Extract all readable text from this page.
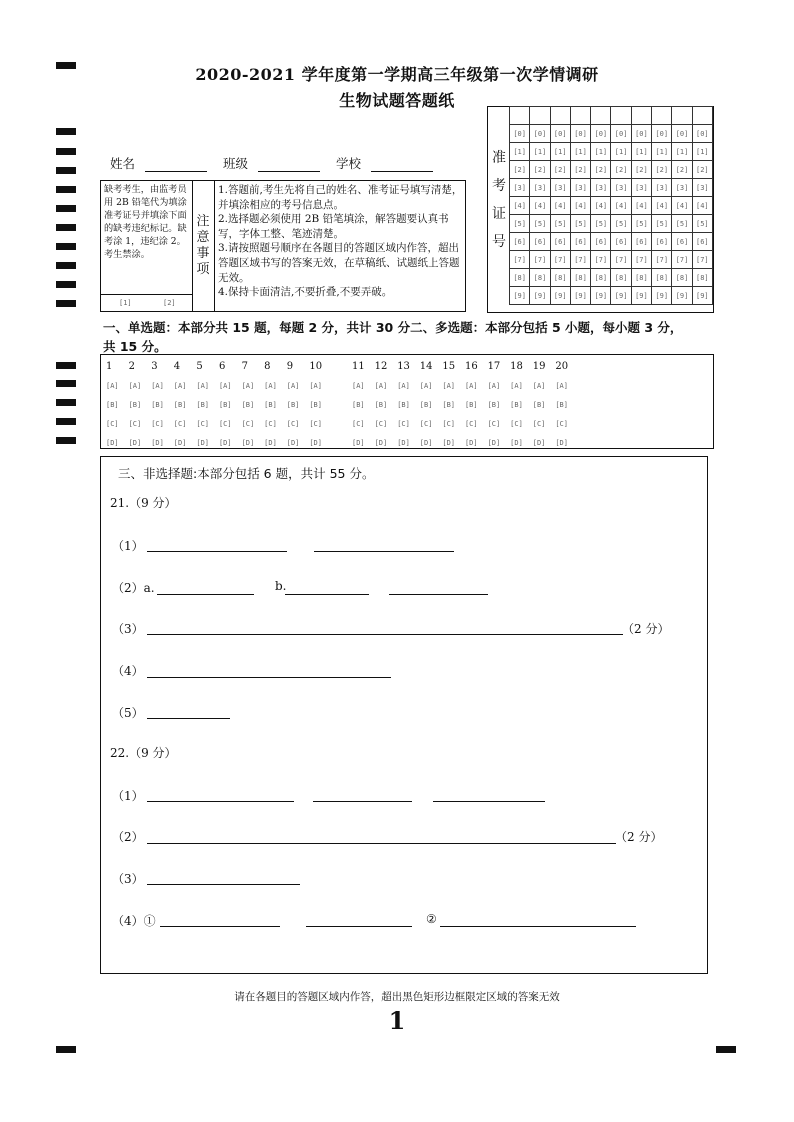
2020-2021 学年度第一学期高三年级第一次学情调研
生物试题答题纸
姓名	班级	学校
缺考考生，由监考员用 2B 铅笔代为填涂准考证号并填涂下面的缺考违纪标记。缺考涂 1，违纪涂 2。考生禁涂。
[1]	[2]
注
意
事
项
1.答题前,考生先将自己的姓名、准考证号填写清楚，并填涂相应的考号信息点。
2.选择题必须使用 2B 铅笔填涂，解答题要认真书写，字体工整、笔迹清楚。
3.请按照题号顺序在各题目的答题区域内作答，超出答题区域书写的答案无效，在草稿纸、试题纸上答题无效。
4.保持卡面清洁,不要折叠,不要弄破。
准
考
证
号

[0]	[0]	[0]	[0]	[0]	[0]	[0]	[0]	[0]	[0]
[1]	[1]	[1]	[1]	[1]	[1]	[1]	[1]	[1]	[1]
[2]	[2]	[2]	[2]	[2]	[2]	[2]	[2]	[2]	[2]
[3]	[3]	[3]	[3]	[3]	[3]	[3]	[3]	[3]	[3]
[4]	[4]	[4]	[4]	[4]	[4]	[4]	[4]	[4]	[4]
[5]	[5]	[5]	[5]	[5]	[5]	[5]	[5]	[5]	[5]
[6]	[6]	[6]	[6]	[6]	[6]	[6]	[6]	[6]	[6]
[7]	[7]	[7]	[7]	[7]	[7]	[7]	[7]	[7]	[7]
[8]	[8]	[8]	[8]	[8]	[8]	[8]	[8]	[8]	[8]
[9]	[9]	[9]	[9]	[9]	[9]	[9]	[9]	[9]	[9]
一、单选题：本部分共 15 题，每题 2 分，共计 30 分二、多选题：本部分包括 5 小题，每小题 3 分，
共 15 分。
1	2	3	4	5	6	7	8	9	10
[A]	[A]	[A]	[A]	[A]	[A]	[A]	[A]	[A]	[A]
[B]	[B]	[B]	[B]	[B]	[B]	[B]	[B]	[B]	[B]
[C]	[C]	[C]	[C]	[C]	[C]	[C]	[C]	[C]	[C]
[D]	[D]	[D]	[D]	[D]	[D]	[D]	[D]	[D]	[D]
11	12	13	14	15	16	17	18	19	20
[A]	[A]	[A]	[A]	[A]	[A]	[A]	[A]	[A]	[A]
[B]	[B]	[B]	[B]	[B]	[B]	[B]	[B]	[B]	[B]
[C]	[C]	[C]	[C]	[C]	[C]	[C]	[C]	[C]	[C]
[D]	[D]	[D]	[D]	[D]	[D]	[D]	[D]	[D]	[D]
三、非选择题:本部分包括 6 题，共计 55 分。
21.（9 分）
（1）
（2）a.	b.
（3）	（2 分）
（4）
（5）
22.（9 分）
（1）
（2）	（2 分）
（3）
（4）①	②
请在各题目的答题区域内作答，超出黑色矩形边框限定区域的答案无效
1
